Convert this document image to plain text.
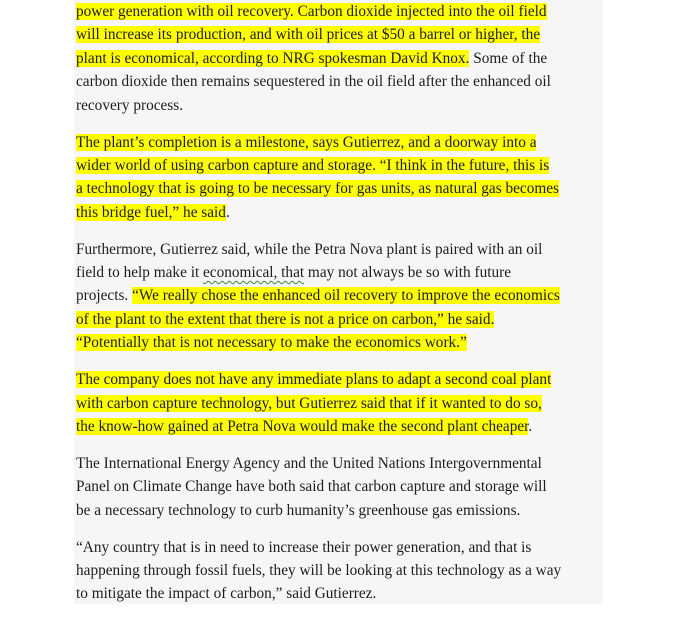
power generation with oil recovery. Carbon dioxide injected into the oil field
will increase its production, and with oil prices at $50 a barrel or higher, the
plant is economical, according to NRG spokesman David Knox. Some of the
carbon dioxide then remains sequestered in the oil field after the enhanced oil
recovery process.

The plant’s completion is a milestone, says Gutierrez, and a doorway into a
wider world of using carbon capture and storage. “I think in the future, this is
a technology that is going to be necessary for gas units, as natural gas becomes
this bridge fuel,” he said.

Furthermore, Gutierrez said, while the Petra Nova plant is paired with an oil
field to help make it economical, that may not always be so with future
projects. “We really chose the enhanced oil recovery to improve the economics
of the plant to the extent that there is not a price on carbon,” he said.
“Potentially that is not necessary to make the economics work.”

The company does not have any immediate plans to adapt a second coal plant
with carbon capture technology, but Gutierrez said that if it wanted to do so,
the know-how gained at Petra Nova would make the second plant cheaper.

The International Energy Agency and the United Nations Intergovernmental
Panel on Climate Change have both said that carbon capture and storage will
be a necessary technology to curb humanity’s greenhouse gas emissions.

“Any country that is in need to increase their power generation, and that is
happening through fossil fuels, they will be looking at this technology as a way
to mitigate the impact of carbon,” said Gutierrez.
